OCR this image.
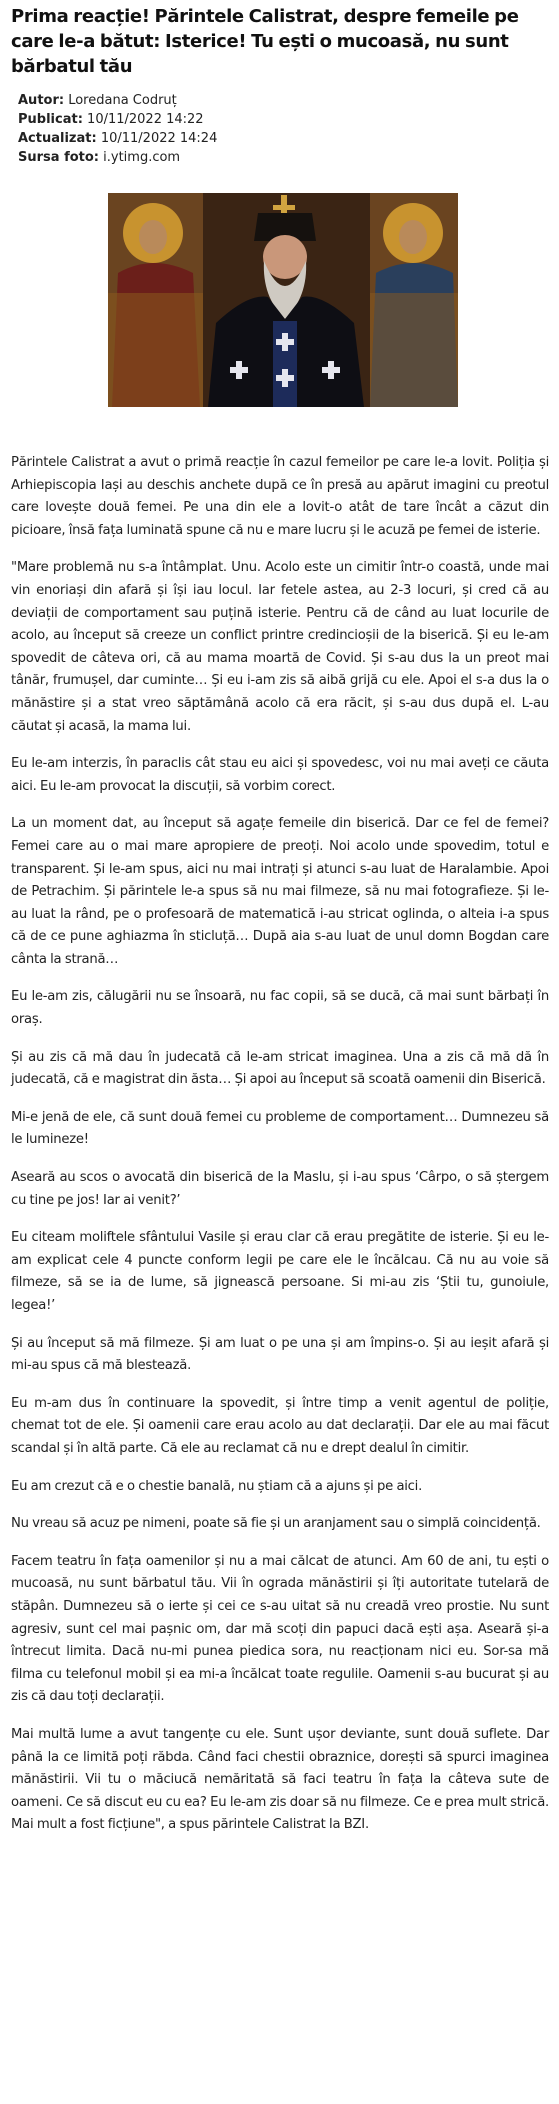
Prima reacție! Părintele Calistrat, despre femeile pe care le-a bătut: Isterice! Tu ești o mucoasă, nu sunt bărbatul tău

Autor: Loredana Codruț

Publicat: 10/11/2022 14:22

Actualizat: 10/11/2022 14:24

Sursa foto: i.ytimg.com

Părintele Calistrat a avut o primă reacție în cazul femeilor pe care le-a lovit. Poliția și Arhiepiscopia Iași au deschis anchete după ce în presă au apărut imagini cu preotul care lovește două femei. Pe una din ele a lovit-o atât de tare încât a căzut din picioare, însă fața luminată spune că nu e mare lucru și le acuză pe femei de isterie.

"Mare problemă nu s-a întâmplat. Unu. Acolo este un cimitir într-o coastă, unde mai vin enoriași din afară și își iau locul. Iar fetele astea, au 2-3 locuri, și cred că au deviații de comportament sau puțină isterie. Pentru că de când au luat locurile de acolo, au început să creeze un conflict printre credincioșii de la biserică. Și eu le-am spovedit de câteva ori, că au mama moartă de Covid. Și s-au dus la un preot mai tânăr, frumușel, dar cuminte… Și eu i-am zis să aibă grijă cu ele. Apoi el s-a dus la o mănăstire și a stat vreo săptămână acolo că era răcit, și s-au dus după el. L-au căutat și acasă, la mama lui.

Eu le-am interzis, în paraclis cât stau eu aici și spovedesc, voi nu mai aveți ce căuta aici. Eu le-am provocat la discuții, să vorbim corect.

La un moment dat, au început să agațe femeile din biserică. Dar ce fel de femei? Femei care au o mai mare apropiere de preoți. Noi acolo unde spovedim, totul e transparent. Și le-am spus, aici nu mai intrați și atunci s-au luat de Haralambie. Apoi de Petrachim. Și părintele le-a spus să nu mai filmeze, să nu mai fotografieze. Și le-au luat la rând, pe o profesoară de matematică i-au stricat oglinda, o alteia i-a spus că de ce pune aghiazma în sticluță… După aia s-au luat de unul domn Bogdan care cânta la strană…

Eu le-am zis, călugării nu se însoară, nu fac copii, să se ducă, că mai sunt bărbați în oraș.

Și au zis că mă dau în judecată că le-am stricat imaginea. Una a zis că mă dă în judecată, că e magistrat din ăsta… Și apoi au început să scoată oamenii din Biserică.

Mi-e jenă de ele, că sunt două femei cu probleme de comportament… Dumnezeu să le lumineze!

Aseară au scos o avocată din biserică de la Maslu, și i-au spus ‘Cârpo, o să ștergem cu tine pe jos! Iar ai venit?’

Eu citeam moliftele sfântului Vasile și erau clar că erau pregătite de isterie. Și eu le-am explicat cele 4 puncte conform legii pe care ele le încălcau. Că nu au voie să filmeze, să se ia de lume, să jignească persoane. Si mi-au zis ‘Știi tu, gunoiule, legea!’

Și au început să mă filmeze. Și am luat o pe una și am împins-o. Și au ieșit afară și mi-au spus că mă blestează.

Eu m-am dus în continuare la spovedit, și între timp a venit agentul de poliție, chemat tot de ele. Și oamenii care erau acolo au dat declarații. Dar ele au mai făcut scandal și în altă parte. Că ele au reclamat că nu e drept dealul în cimitir.

Eu am crezut că e o chestie banală, nu știam că a ajuns și pe aici.

Nu vreau să acuz pe nimeni, poate să fie și un aranjament sau o simplă coincidență.

Facem teatru în fața oamenilor și nu a mai călcat de atunci. Am 60 de ani, tu ești o mucoasă, nu sunt bărbatul tău. Vii în ograda mănăstirii și îți autoritate tutelară de stăpân. Dumnezeu să o ierte și cei ce s-au uitat să nu creadă vreo prostie. Nu sunt agresiv, sunt cel mai pașnic om, dar mă scoți din papuci dacă ești așa. Aseară și-a întrecut limita. Dacă nu-mi punea piedica sora, nu reacționam nici eu. Sor-sa mă filma cu telefonul mobil și ea mi-a încălcat toate regulile. Oamenii s-au bucurat și au zis că dau toți declarații.

Mai multă lume a avut tangențe cu ele. Sunt ușor deviante, sunt două suflete. Dar până la ce limită poți răbda. Când faci chestii obraznice, dorești să spurci imaginea mănăstirii. Vii tu o măciucă nemăritată să faci teatru în fața la câteva sute de oameni. Ce să discut eu cu ea? Eu le-am zis doar să nu filmeze. Ce e prea mult strică. Mai mult a fost ficțiune", a spus părintele Calistrat la BZI.
